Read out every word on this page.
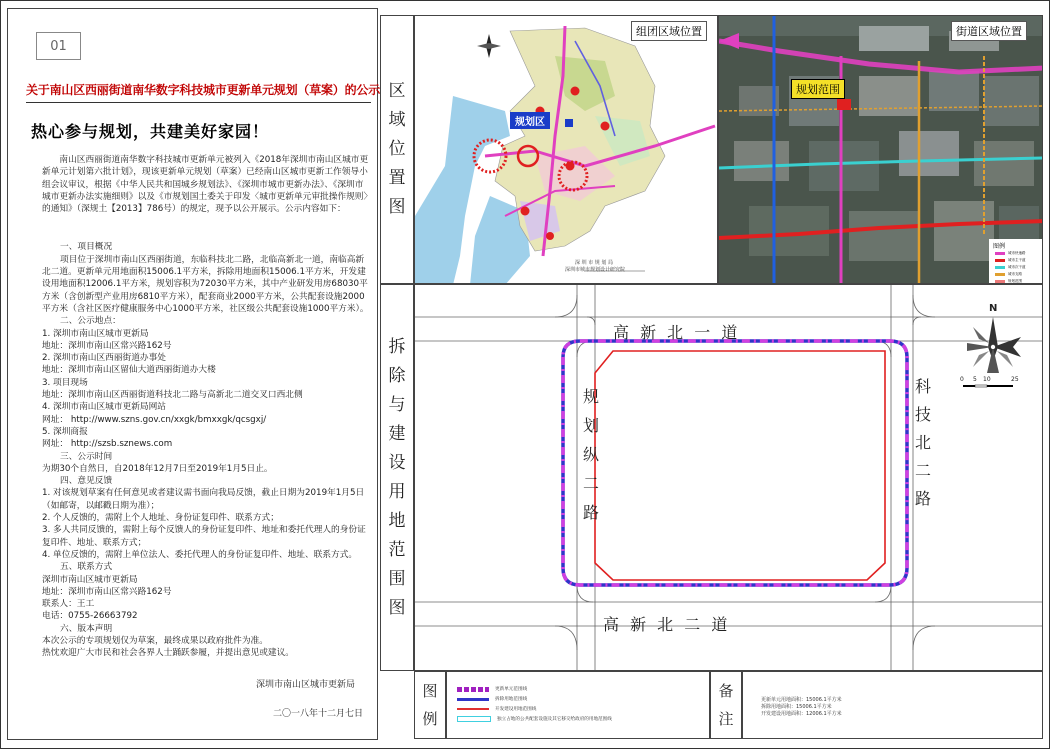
01
关于南山区西丽街道南华数字科技城市更新单元规划（草案）的公示
热心参与规划，共建美好家园！

南山区西丽街道南华数字科技城市更新单元被列入《2018年深圳市南山区城市更新单元计划第六批计划》，现该更新单元规划（草案）已经南山区城市更新工作领导小组会议审议，根据《中华人民共和国城乡规划法》、《深圳市城市更新办法》、《深圳市城市更新办法实施细则》以及《市规划国土委关于印发〈城市更新单元审批操作规则〉的通知》（深规土【2013】786号）的规定，现予以公开展示。公示内容如下：

一、项目概况

项目位于深圳市南山区西丽街道，东临科技北二路，北临高新北一道，南临高新北二道。更新单元用地面积15006.1平方米，拆除用地面积15006.1平方米，开发建设用地面积12006.1平方米，规划容积为72030平方米，其中产业研发用房68030平方米（含创新型产业用房6810平方米），配套商业2000平方米，公共配套设施2000平方米（含社区医疗健康服务中心1000平方米，社区级公共配套设施1000平方米）。

二、公示地点：

1. 深圳市南山区城市更新局

地址：深圳市南山区常兴路162号

2. 深圳市南山区西丽街道办事处

地址：深圳市南山区留仙大道西丽街道办大楼

3. 项目现场

地址：深圳市南山区西丽街道科技北二路与高新北二道交叉口西北侧

4. 深圳市南山区城市更新局网站

网址： http://www.szns.gov.cn/xxgk/bmxxgk/qcsgxj/

5. 深圳商报

网址： http://szsb.sznews.com

三、公示时间

为期30个自然日，自2018年12月7日至2019年1月5日止。

四、意见反馈

1. 对该规划草案有任何意见或者建议需书面向我局反馈，截止日期为2019年1月5日（如邮寄，以邮戳日期为准）；

2. 个人反馈的，需附上个人地址、身份证复印件、联系方式；

3. 多人共同反馈的，需附上每个反馈人的身份证复印件、地址和委托代理人的身份证复印件、地址、联系方式；

4. 单位反馈的，需附上单位法人、委托代理人的身份证复印件、地址、联系方式。

五、联系方式

深圳市南山区城市更新局

地址：深圳市南山区常兴路162号

联系人：王工

电话：0755-26663792

六、版本声明

本次公示的专项规划仅为草案，最终成果以政府批件为准。

热忱欢迎广大市民和社会各界人士踊跃参履，并提出意见或建议。

深圳市南山区城市更新局
二〇一八年十二月七日
区
域
位
置
图
拆
除
与
建
设
用
地
范
围
图
组团区域位置
规划区
深 圳 市 规 划 局
深圳市城市规划设计研究院
街道区域位置
规划范围
图例
城市快速路
城市主干道
城市次干道
城市支路
规划范围
高 新 北 一 道
高 新 北 二 道
规
划
纵
二
路
科
技
北
二
路
N
0 5 10	25
图
例
更新单元范围线
拆除用地范围线
开发建设用地范围线
独立占地的公共配套设施及其它移交给政府的用地范围线
备
注
更新单元用地面积：15006.1平方米
拆除用地面积：15006.1平方米
开发建设用地面积：12006.1平方米
